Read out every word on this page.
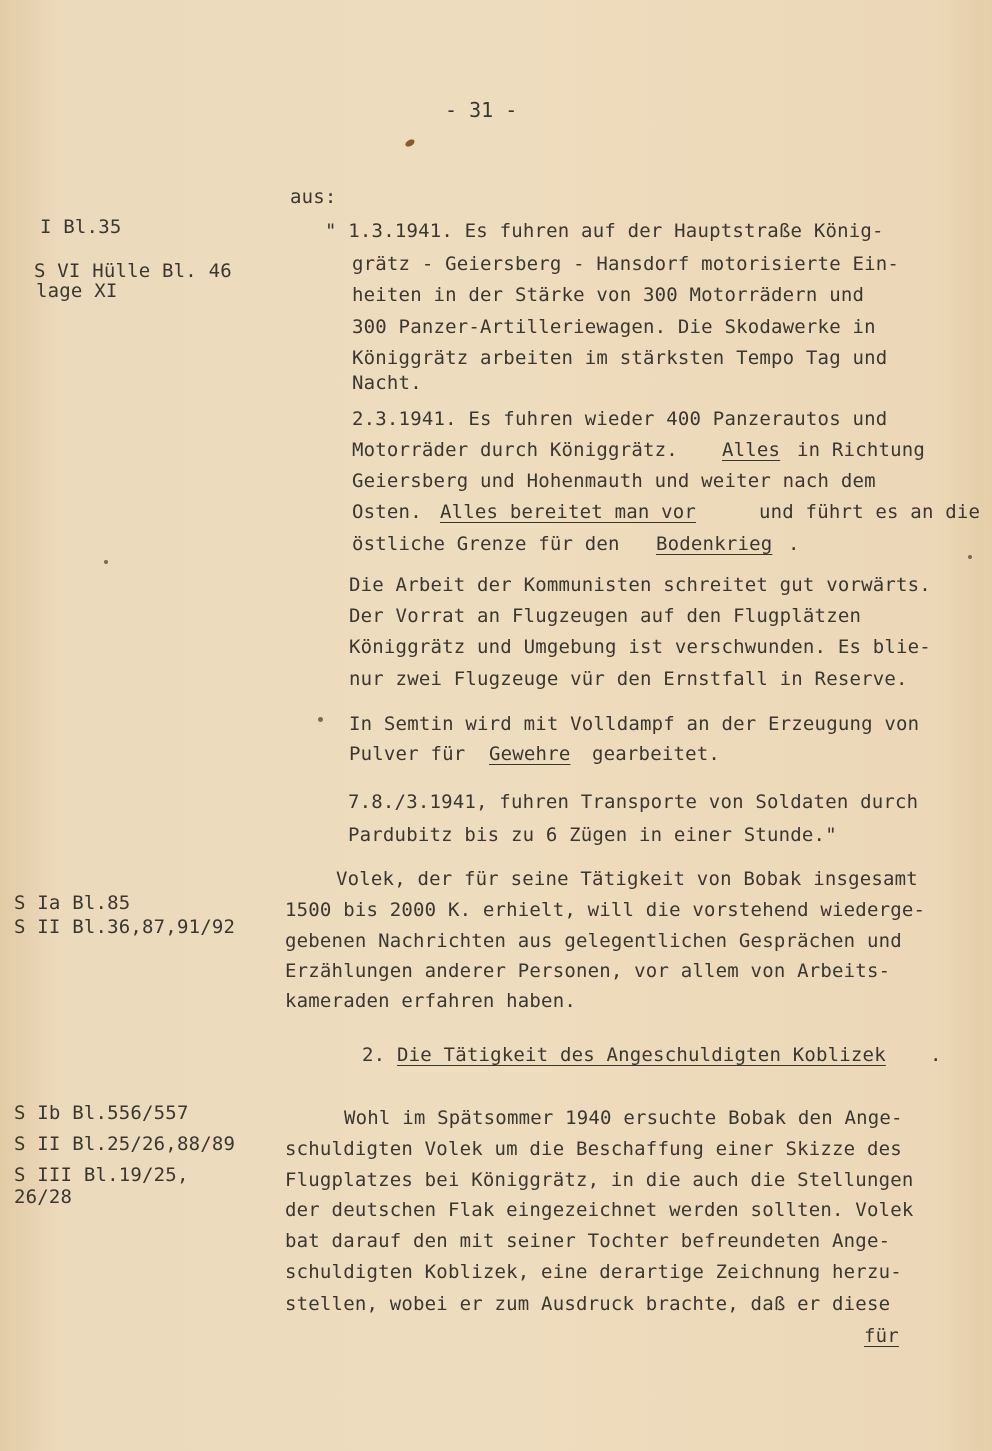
- 31 -
I Bl.35
S VI Hülle Bl. 46
lage XI
S Ia Bl.85
S II Bl.36,87,91/92
S Ib Bl.556/557
S II Bl.25/26,88/89
S III Bl.19/25,
26/28
aus:
" 1.3.1941. Es fuhren auf der Hauptstraße König-
grätz - Geiersberg - Hansdorf motorisierte Ein-
heiten in der Stärke von 300 Motorrädern und
300 Panzer-Artilleriewagen. Die Skodawerke in
Königgrätz arbeiten im stärksten Tempo Tag und
Nacht.
2.3.1941. Es fuhren wieder 400 Panzerautos und
Motorräder durch Königgrätz. Alles in Richtung
Geiersberg und Hohenmauth und weiter nach dem
Osten. Alles bereitet man vor	und führt es an die
östliche Grenze für den Bodenkrieg .
Die Arbeit der Kommunisten schreitet gut vorwärts.
Der Vorrat an Flugzeugen auf den Flugplätzen
Königgrätz und Umgebung ist verschwunden. Es blie-
nur zwei Flugzeuge vür den Ernstfall in Reserve.
In Semtin wird mit Volldampf an der Erzeugung von
Pulver für Gewehre gearbeitet.
7.8./3.1941, fuhren Transporte von Soldaten durch
Pardubitz bis zu 6 Zügen in einer Stunde."
Volek, der für seine Tätigkeit von Bobak insgesamt
1500 bis 2000 K. erhielt, will die vorstehend wiederge-
gebenen Nachrichten aus gelegentlichen Gesprächen und
Erzählungen anderer Personen, vor allem von Arbeits-
kameraden erfahren haben.
2. Die Tätigkeit des Angeschuldigten Koblizek .
Wohl im Spätsommer 1940 ersuchte Bobak den Ange-
schuldigten Volek um die Beschaffung einer Skizze des
Flugplatzes bei Königgrätz, in die auch die Stellungen
der deutschen Flak eingezeichnet werden sollten. Volek
bat darauf den mit seiner Tochter befreundeten Ange-
schuldigten Koblizek, eine derartige Zeichnung herzu-
stellen, wobei er zum Ausdruck brachte, daß er diese
für
